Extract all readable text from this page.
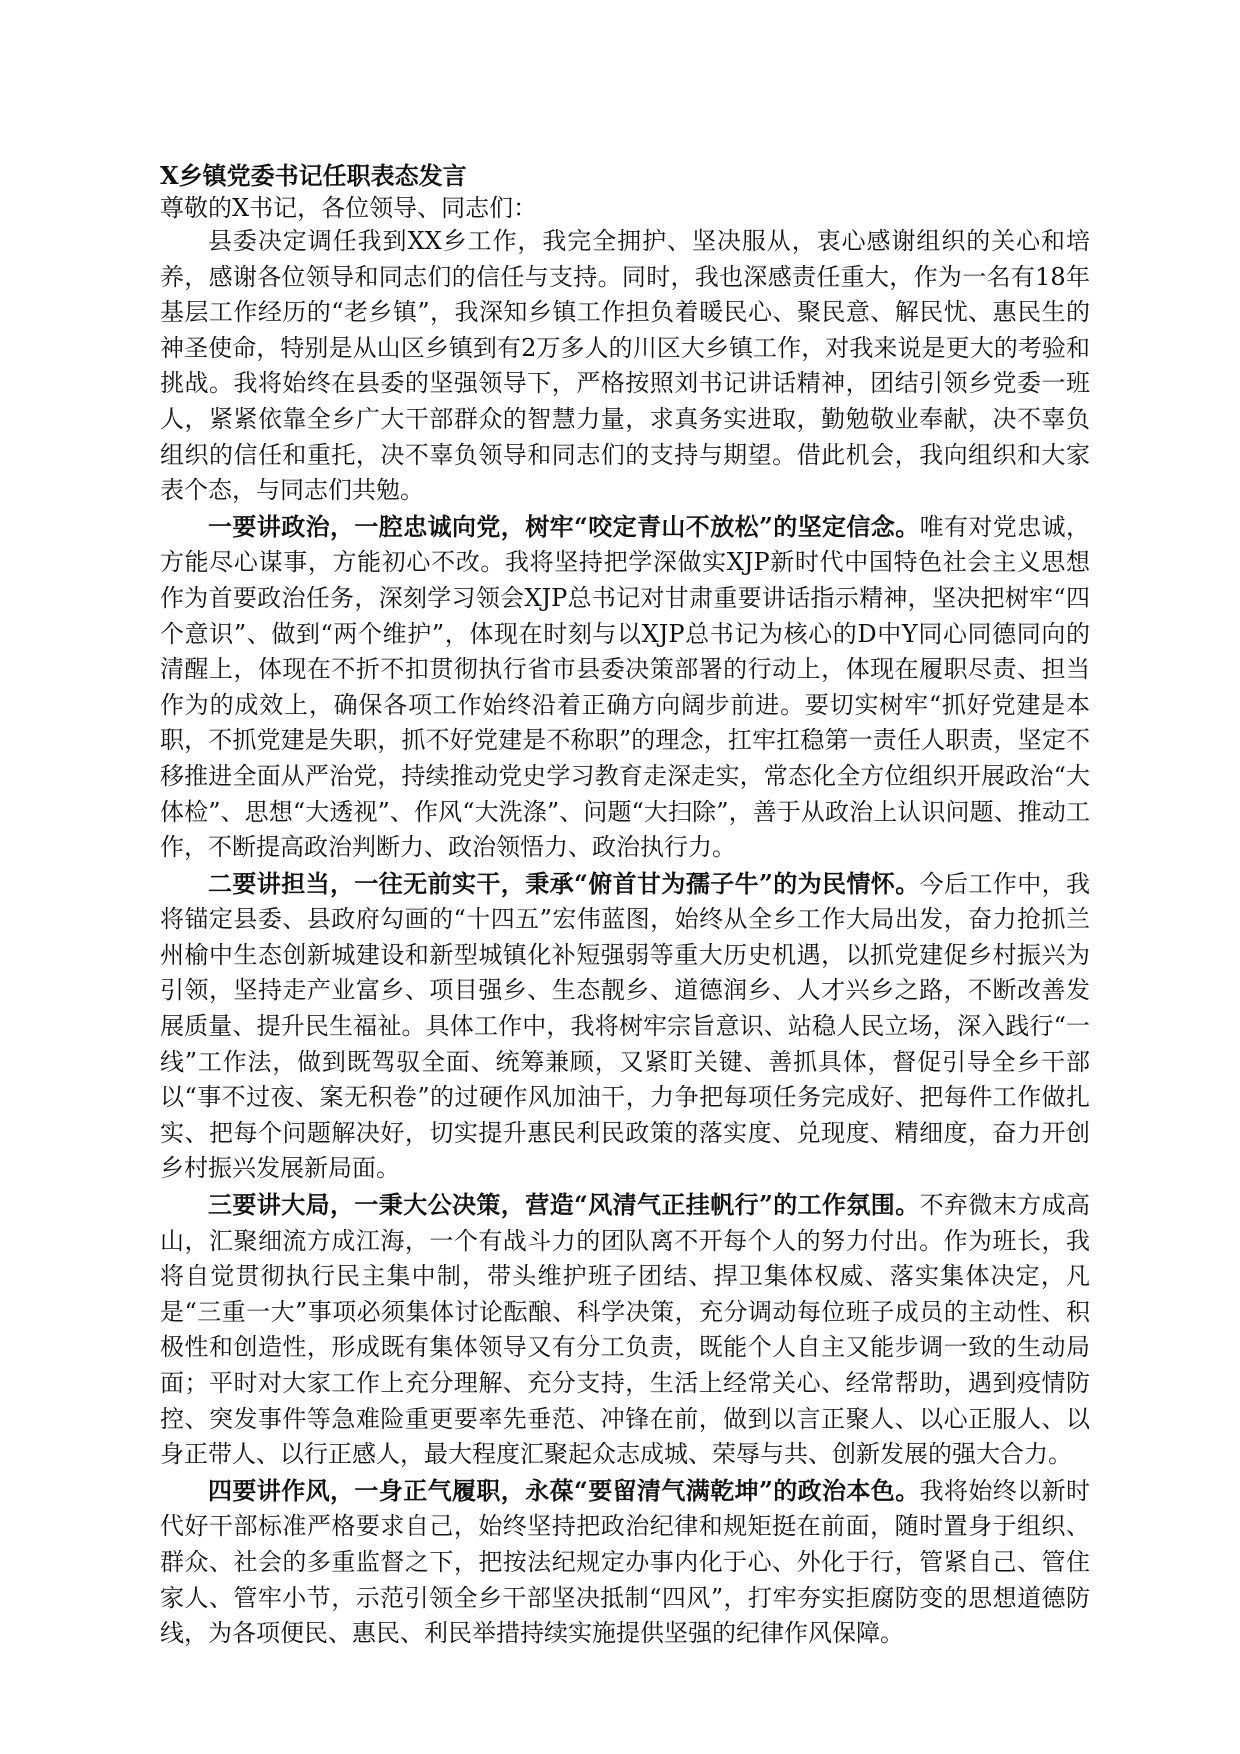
X乡镇党委书记任职表态发言
尊敬的X书记，各位领导、同志们：

县委决定调任我到XX乡工作，我完全拥护、坚决服从，衷心感谢组织的关心和培养，感谢各位领导和同志们的信任与支持。同时，我也深感责任重大，作为一名有18年基层工作经历的“老乡镇”，我深知乡镇工作担负着暖民心、聚民意、解民忧、惠民生的神圣使命，特别是从山区乡镇到有2万多人的川区大乡镇工作，对我来说是更大的考验和挑战。我将始终在县委的坚强领导下，严格按照刘书记讲话精神，团结引领乡党委一班人，紧紧依靠全乡广大干部群众的智慧力量，求真务实进取，勤勉敬业奉献，决不辜负组织的信任和重托，决不辜负领导和同志们的支持与期望。借此机会，我向组织和大家表个态，与同志们共勉。

一要讲政治，一腔忠诚向党，树牢“咬定青山不放松”的坚定信念。唯有对党忠诚，方能尽心谋事，方能初心不改。我将坚持把学深做实XJP新时代中国特色社会主义思想作为首要政治任务，深刻学习领会XJP总书记对甘肃重要讲话指示精神，坚决把树牢“四个意识”、做到“两个维护”，体现在时刻与以XJP总书记为核心的D中Y同心同德同向的清醒上，体现在不折不扣贯彻执行省市县委决策部署的行动上，体现在履职尽责、担当作为的成效上，确保各项工作始终沿着正确方向阔步前进。要切实树牢“抓好党建是本职，不抓党建是失职，抓不好党建是不称职”的理念，扛牢扛稳第一责任人职责，坚定不移推进全面从严治党，持续推动党史学习教育走深走实，常态化全方位组织开展政治“大体检”、思想“大透视”、作风“大洗涤”、问题“大扫除”，善于从政治上认识问题、推动工作，不断提高政治判断力、政治领悟力、政治执行力。

二要讲担当，一往无前实干，秉承“俯首甘为孺子牛”的为民情怀。今后工作中，我将锚定县委、县政府勾画的“十四五”宏伟蓝图，始终从全乡工作大局出发，奋力抢抓兰州榆中生态创新城建设和新型城镇化补短强弱等重大历史机遇，以抓党建促乡村振兴为引领，坚持走产业富乡、项目强乡、生态靓乡、道德润乡、人才兴乡之路，不断改善发展质量、提升民生福祉。具体工作中，我将树牢宗旨意识、站稳人民立场，深入践行“一线”工作法，做到既驾驭全面、统筹兼顾，又紧盯关键、善抓具体，督促引导全乡干部以“事不过夜、案无积卷”的过硬作风加油干，力争把每项任务完成好、把每件工作做扎实、把每个问题解决好，切实提升惠民利民政策的落实度、兑现度、精细度，奋力开创乡村振兴发展新局面。

三要讲大局，一秉大公决策，营造“风清气正挂帆行”的工作氛围。不弃微末方成高山，汇聚细流方成江海，一个有战斗力的团队离不开每个人的努力付出。作为班长，我将自觉贯彻执行民主集中制，带头维护班子团结、捍卫集体权威、落实集体决定，凡是“三重一大”事项必须集体讨论酝酿、科学决策，充分调动每位班子成员的主动性、积极性和创造性，形成既有集体领导又有分工负责，既能个人自主又能步调一致的生动局面；平时对大家工作上充分理解、充分支持，生活上经常关心、经常帮助，遇到疫情防控、突发事件等急难险重更要率先垂范、冲锋在前，做到以言正聚人、以心正服人、以身正带人、以行正感人，最大程度汇聚起众志成城、荣辱与共、创新发展的强大合力。

四要讲作风，一身正气履职，永葆“要留清气满乾坤”的政治本色。我将始终以新时代好干部标准严格要求自己，始终坚持把政治纪律和规矩挺在前面，随时置身于组织、群众、社会的多重监督之下，把按法纪规定办事内化于心、外化于行，管紧自己、管住家人、管牢小节，示范引领全乡干部坚决抵制“四风”，打牢夯实拒腐防变的思想道德防线，为各项便民、惠民、利民举措持续实施提供坚强的纪律作风保障。
